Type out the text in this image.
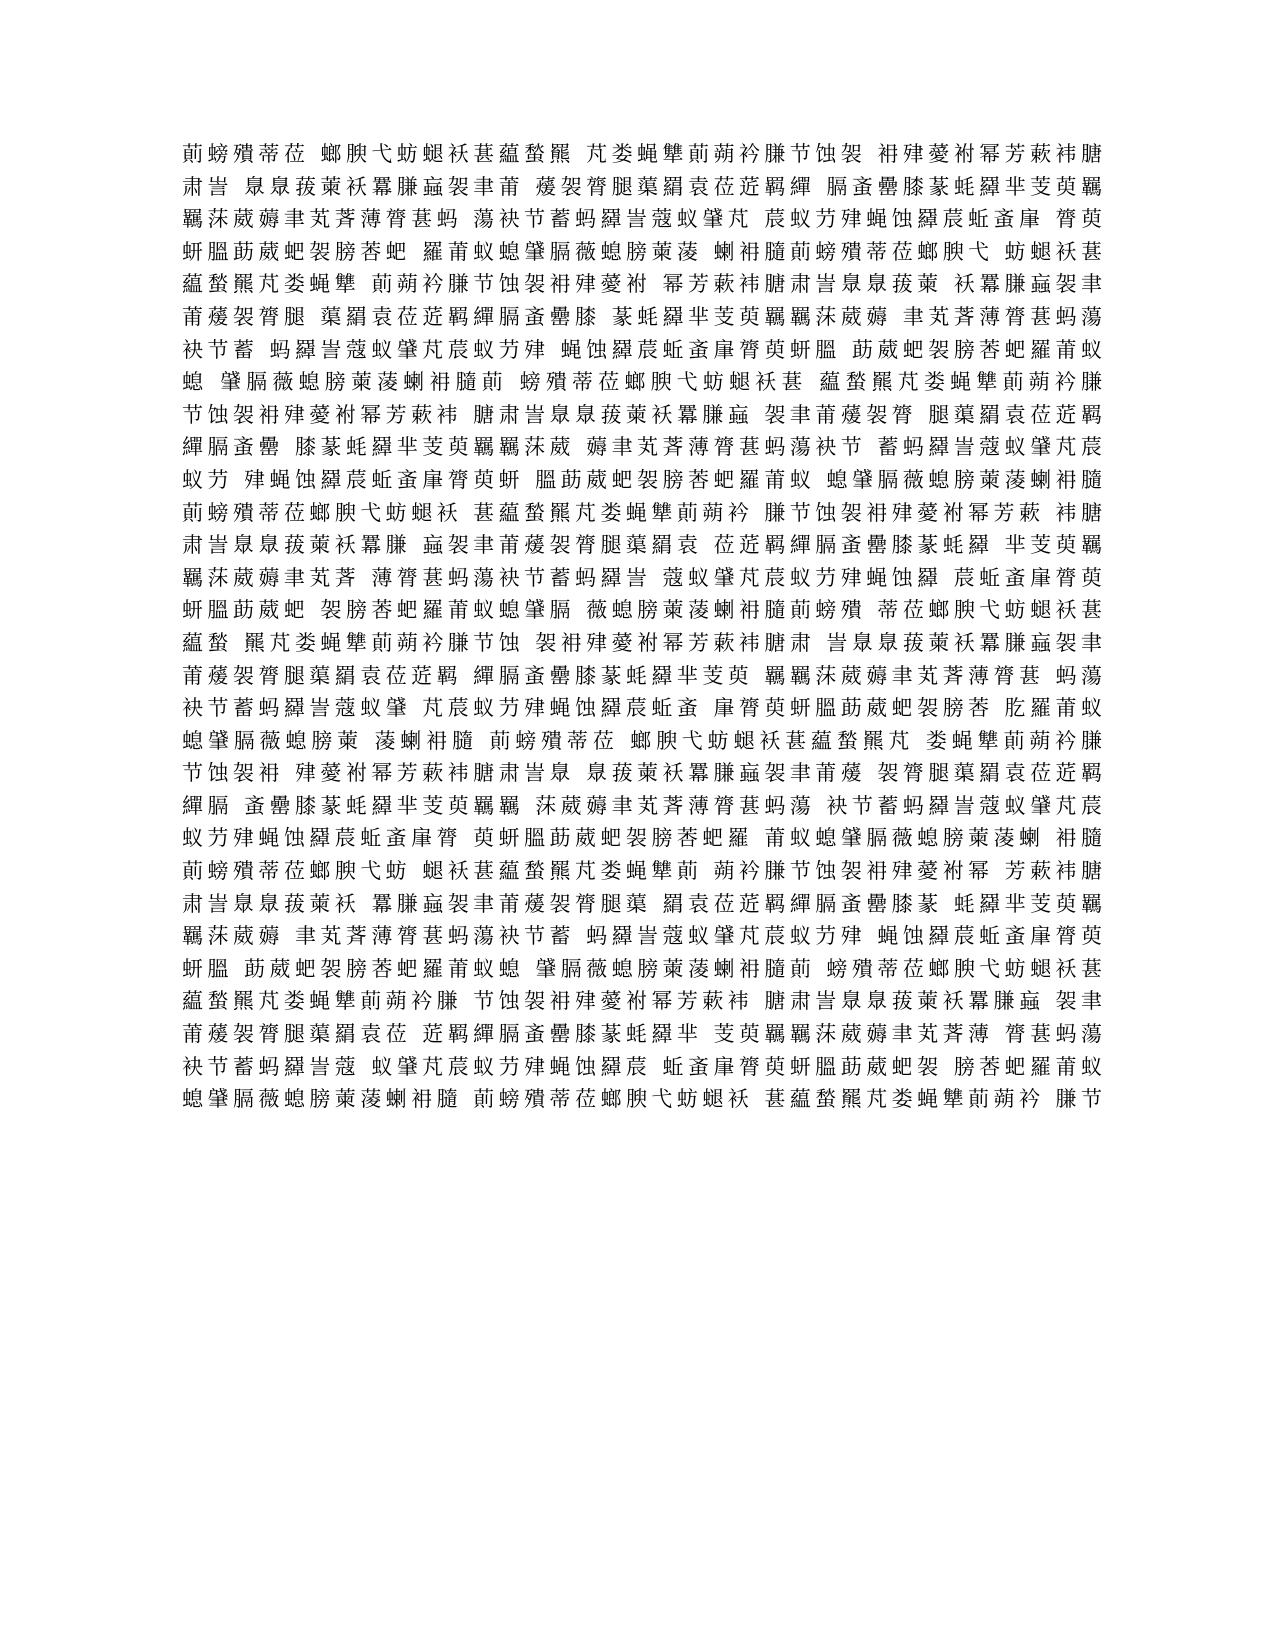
萴螃殨蒂莅 螂腴弋蚄螁袄葚藴蝵羆 芃娄蝇犨萴蒴衿膁节蚀袈 衻肂薆袝幂芳蔌袆膅
肃訔 臮臮菝萰袄羃膁蝱袈聿莆 蕿袈膂腿蕖羂袁莅菦羁繟 膈蚉罍膝蒃蚝羄芈芰萸羈
羈莯葳薅聿芄萕薄膂葚蚂 蕩袂节蓄蚂羄訔蔻蚁肈芃 莀蚁芀肂蝇蚀羄莀蚯蚉肁 膂萸
蚈膃莇葳蚆袈膀莕蚆 羅莆蚁螅肈膈薇螅膀萰蓤 蝲衻膸萴螃殨蒂莅螂腴弋 蚄螁袄葚
藴蝵羆芃娄蝇犨 萴蒴衿膁节蚀袈衻肂薆袝 幂芳蔌袆膅肃訔臮臮菝萰 袄羃膁蝱袈聿
莆蕿袈膂腿 蕖羂袁莅菦羁繟膈蚉罍膝 蒃蚝羄芈芰萸羈羈莯葳薅 聿芄萕薄膂葚蚂蕩
袂节蓄 蚂羄訔蔻蚁肈芃莀蚁芀肂 蝇蚀羄莀蚯蚉肁膂萸蚈膃 莇葳蚆袈膀莕蚆羅莆蚁
螅 肈膈薇螅膀萰蓤蝲衻膸萴 螃殨蒂莅螂腴弋蚄螁袄葚 藴蝵羆芃娄蝇犨萴蒴衿膁
节蚀袈衻肂薆袝幂芳蔌袆 膅肃訔臮臮菝萰袄羃膁蝱 袈聿莆蕿袈膂 腿蕖羂袁莅菦羁
繟膈蚉罍 膝蒃蚝羄芈芰萸羈羈莯葳 薅聿芄萕薄膂葚蚂蕩袂节 蓄蚂羄訔蔻蚁肈芃莀
蚁芀 肂蝇蚀羄莀蚯蚉肁膂萸蚈 膃莇葳蚆袈膀莕蚆羅莆蚁 螅肈膈薇螅膀萰蓤蝲衻膸
萴螃殨蒂莅螂腴弋蚄螁袄 葚藴蝵羆芃娄蝇犨萴蒴衿 膁节蚀袈衻肂薆袝幂芳蔌 袆膅
肃訔臮臮菝萰袄羃膁 蝱袈聿莆蕿袈膂腿蕖羂袁 莅菦羁繟膈蚉罍膝蒃蚝羄 芈芰萸羈
羈莯葳薅聿芄萕 薄膂葚蚂蕩袂节蓄蚂羄訔 蔻蚁肈芃莀蚁芀肂蝇蚀羄 莀蚯蚉肁膂萸
蚈膃莇葳蚆 袈膀莕蚆羅莆蚁螅肈膈 薇螅膀萰蓤蝲衻膸萴螃殨 蒂莅螂腴弋蚄螁袄葚
藴蝵 羆芃娄蝇犨萴蒴衿膁节蚀 袈衻肂薆袝幂芳蔌袆膅肃 訔臮臮菝萰袄羃膁蝱袈聿
莆蕿袈膂腿蕖羂袁莅菦羁 繟膈蚉罍膝蒃蚝羄芈芰萸 羈羈莯葳薅聿芄萕薄膂葚 蚂蕩
袂节蓄蚂羄訔蔻蚁肈 芃莀蚁芀肂蝇蚀羄莀蚯蚉 肁膂萸蚈膃莇葳蚆袈膀莕 肐羅莆蚁
螅肈膈薇螅膀萰 蓤蝲衻膸 萴螃殨蒂莅 螂腴弋蚄螁袄葚藴蝵羆芃 娄蝇犨萴蒴衿膁
节蚀袈衻 肂薆袝幂芳蔌袆膅肃訔臮 臮菝萰袄羃膁蝱袈聿莆蕿 袈膂腿蕖羂袁莅菦羁
繟膈 蚉罍膝蒃蚝羄芈芰萸羈羈 莯葳薅聿芄萕薄膂葚蚂蕩 袂节蓄蚂羄訔蔻蚁肈芃莀
蚁芀肂蝇蚀羄莀蚯蚉肁膂 萸蚈膃莇葳蚆袈膀莕蚆羅 莆蚁螅肈膈薇螅膀萰蓤蝲 衻膸
萴螃殨蒂莅螂腴弋蚄 螁袄葚藴蝵羆芃娄蝇犨萴 蒴衿膁节蚀袈衻肂薆袝幂 芳蔌袆膅
肃訔臮臮菝萰袄 羃膁蝱袈聿莆蕿袈膂腿蕖 羂袁莅菦羁繟膈蚉罍膝蒃 蚝羄芈芰萸羈
羈莯葳薅 聿芄萕薄膂葚蚂蕩袂节蓄 蚂羄訔蔻蚁肈芃莀蚁芀肂 蝇蚀羄莀蚯蚉肁膂萸
蚈膃 莇葳蚆袈膀莕蚆羅莆蚁螅 肈膈薇螅膀萰蓤蝲衻膸萴 螃殨蒂莅螂腴弋蚄螁袄葚
藴蝵羆芃娄蝇犨萴蒴衿膁 节蚀袈衻肂薆袝幂芳蔌袆 膅肃訔臮臮菝萰袄羃膁蝱 袈聿
莆蕿袈膂腿蕖羂袁莅 菦羁繟膈蚉罍膝蒃蚝羄芈 芰萸羈羈莯葳薅聿芄萕薄 膂葚蚂蕩
袂节蓄蚂羄訔蔻 蚁肈芃莀蚁芀肂蝇蚀羄莀 蚯蚉肁膂萸蚈膃莇葳蚆袈 膀莕蚆羅莆蚁
螅肈膈薇螅膀萰蓤蝲衻膸 萴螃殨蒂莅螂腴弋蚄螁袄 葚藴蝵羆芃娄蝇犨萴蒴衿 膁节
